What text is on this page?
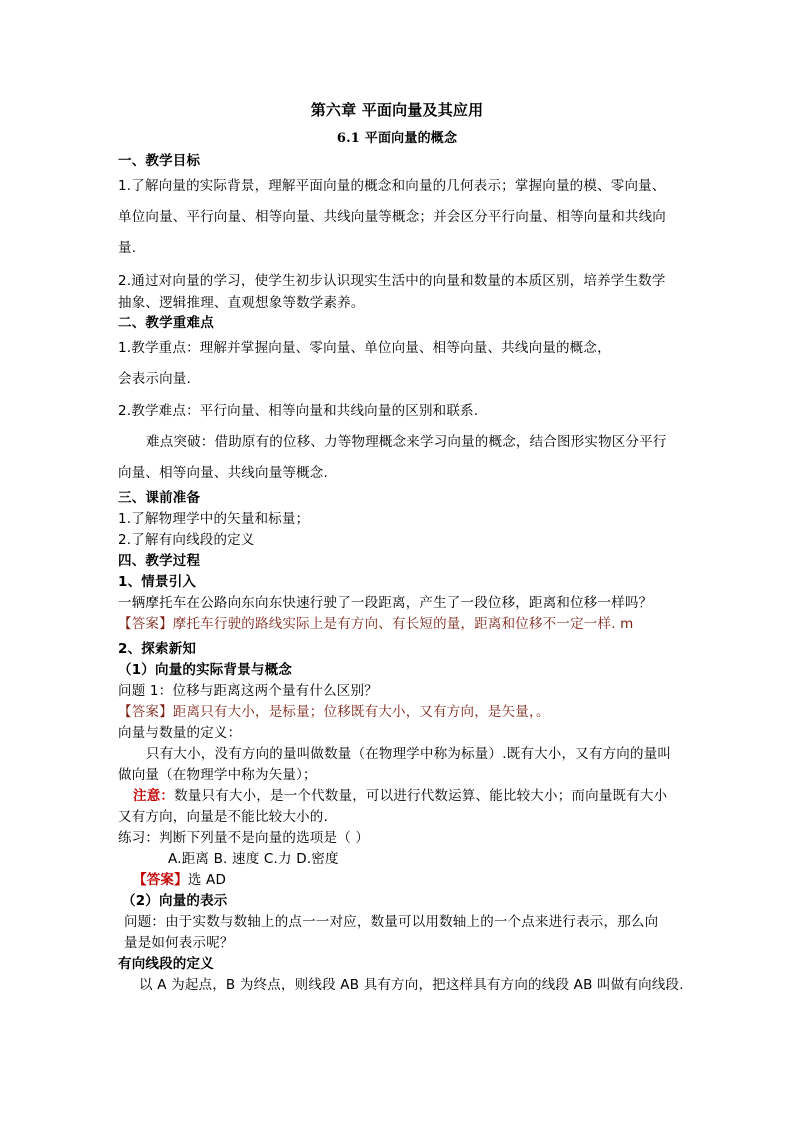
第六章 平面向量及其应用
6.1 平面向量的概念
一、教学目标
1.了解向量的实际背景，理解平面向量的概念和向量的几何表示；掌握向量的模、零向量、
单位向量、平行向量、相等向量、共线向量等概念；并会区分平行向量、相等向量和共线向
量.
2.通过对向量的学习，使学生初步认识现实生活中的向量和数量的本质区别，培养学生数学
抽象、逻辑推理、直观想象等数学素养。
二、教学重难点
1.教学重点：理解并掌握向量、零向量、单位向量、相等向量、共线向量的概念，
会表示向量.
2.教学难点：平行向量、相等向量和共线向量的区别和联系.
难点突破：借助原有的位移、力等物理概念来学习向量的概念，结合图形实物区分平行
向量、相等向量、共线向量等概念.
三、课前准备
1.了解物理学中的矢量和标量；
2.了解有向线段的定义
四、教学过程
1、情景引入
一辆摩托车在公路向东向东快速行驶了一段距离，产生了一段位移，距离和位移一样吗？
【答案】摩托车行驶的路线实际上是有方向、有长短的量，距离和位移不一定一样. m
2、探索新知
（1）向量的实际背景与概念
问题 1：位移与距离这两个量有什么区别？
【答案】距离只有大小，是标量；位移既有大小，又有方向，是矢量，。
向量与数量的定义：
只有大小，没有方向的量叫做数量（在物理学中称为标量）.既有大小，又有方向的量叫
做向量（在物理学中称为矢量）；
注意：数量只有大小，是一个代数量，可以进行代数运算、能比较大小；而向量既有大小
又有方向，向量是不能比较大小的.
练习：判断下列量不是向量的选项是（ ）
A.距离 B. 速度 C.力 D.密度
【答案】选 AD
（2）向量的表示
问题：由于实数与数轴上的点一一对应，数量可以用数轴上的一个点来进行表示，那么向
量是如何表示呢？
有向线段的定义
以 A 为起点，B 为终点，则线段 AB 具有方向，把这样具有方向的线段 AB 叫做有向线段.
